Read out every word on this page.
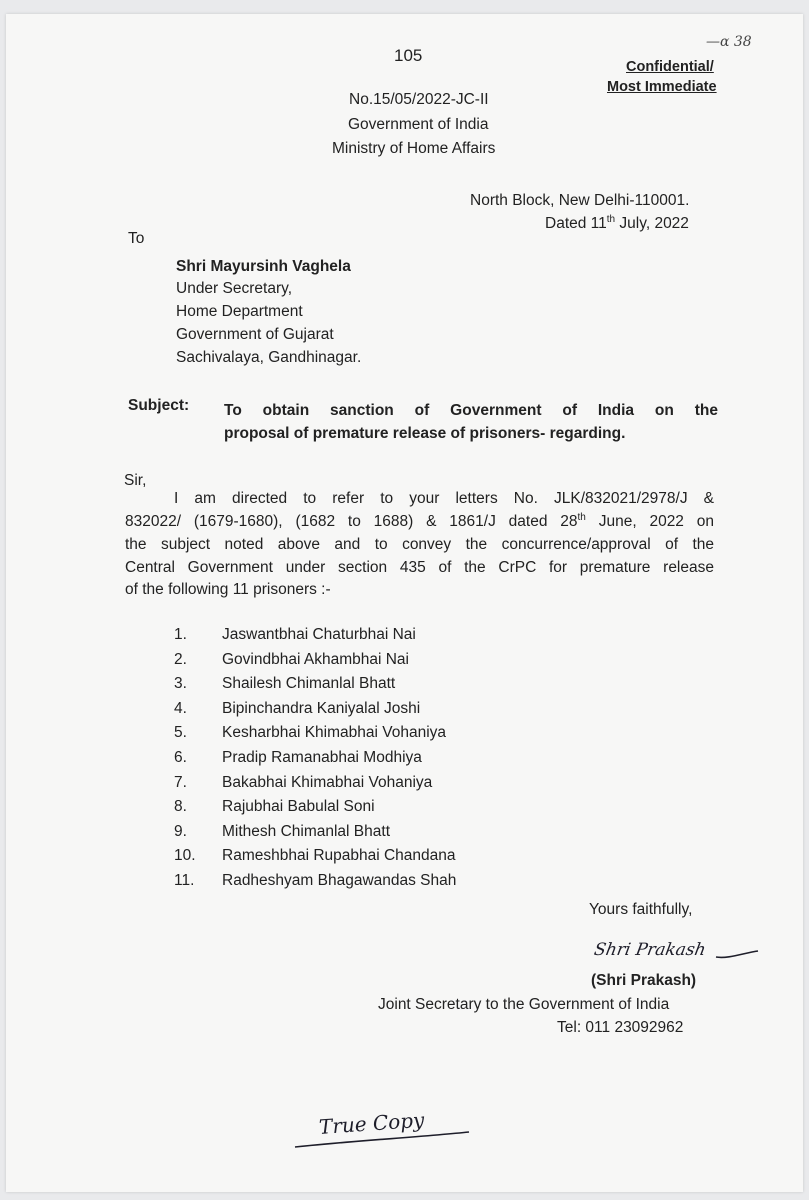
105
—α 38
Confidential/
Most Immediate
No.15/05/2022-JC-II
Government of India
Ministry of Home Affairs
North Block, New Delhi-110001.
Dated 11th July, 2022
To
Shri Mayursinh Vaghela
Under Secretary,
Home Department
Government of Gujarat
Sachivalaya, Gandhinagar.
Subject: To obtain sanction of Government of India on the
proposal of premature release of prisoners- regarding.
Sir,
I am directed to refer to your letters No. JLK/832021/2978/J &
832022/ (1679-1680), (1682 to 1688) & 1861/J dated 28th June, 2022 on
the subject noted above and to convey the concurrence/approval of the
Central Government under section 435 of the CrPC for premature release
of the following 11 prisoners :-
1.	Jaswantbhai Chaturbhai Nai
2.	Govindbhai Akhambhai Nai
3.	Shailesh Chimanlal Bhatt
4.	Bipinchandra Kaniyalal Joshi
5.	Kesharbhai Khimabhai Vohaniya
6.	Pradip Ramanabhai Modhiya
7.	Bakabhai Khimabhai Vohaniya
8.	Rajubhai Babulal Soni
9.	Mithesh Chimanlal Bhatt
10.	Rameshbhai Rupabhai Chandana
11.	Radheshyam Bhagawandas Shah
Yours faithfully,
Shri Prakash
(Shri Prakash)
Joint Secretary to the Government of India
Tel: 011 23092962
True Copy
